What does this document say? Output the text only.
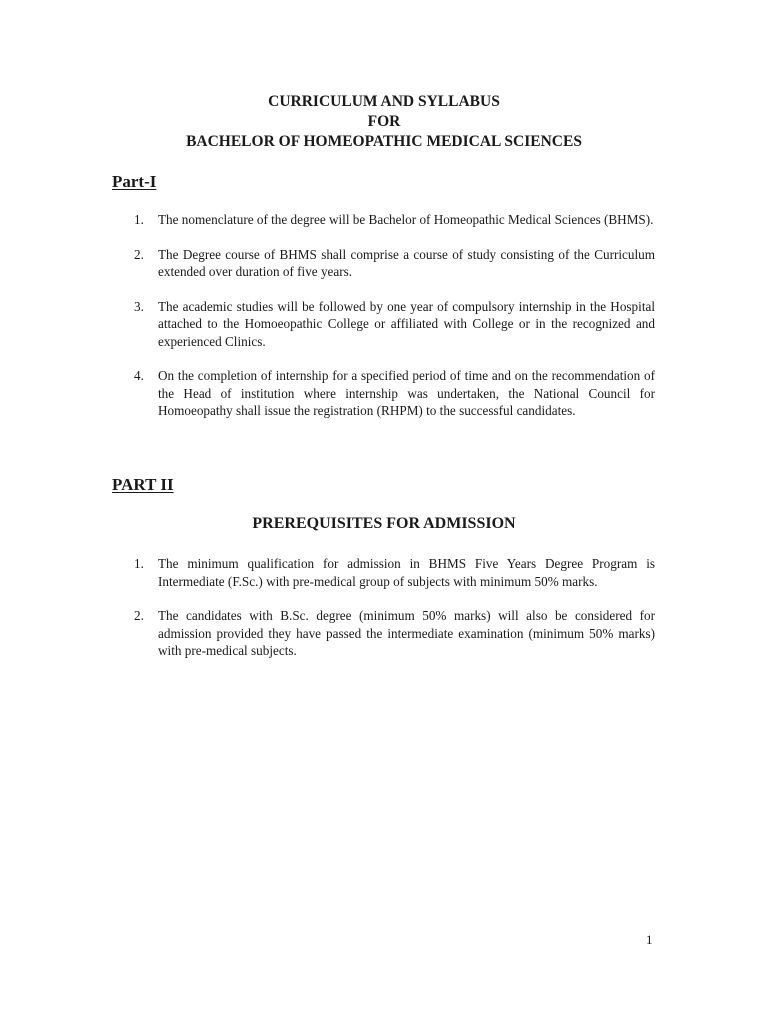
CURRICULUM AND SYLLABUS
FOR
BACHELOR OF HOMEOPATHIC MEDICAL SCIENCES
Part-I
1. The nomenclature of the degree will be Bachelor of Homeopathic Medical Sciences (BHMS).
2. The Degree course of BHMS shall comprise a course of study consisting of the Curriculum extended over duration of five years.
3. The academic studies will be followed by one year of compulsory internship in the Hospital attached to the Homoeopathic College or affiliated with College or in the recognized and experienced Clinics.
4. On the completion of internship for a specified period of time and on the recommendation of the Head of institution where internship was undertaken, the National Council for Homoeopathy shall issue the registration (RHPM) to the successful candidates.
PART II
PREREQUISITES FOR ADMISSION
1. The minimum qualification for admission in BHMS Five Years Degree Program is Intermediate (F.Sc.) with pre-medical group of subjects with minimum 50% marks.
2. The candidates with B.Sc. degree (minimum 50% marks) will also be considered for admission provided they have passed the intermediate examination (minimum 50% marks) with pre-medical subjects.
1
